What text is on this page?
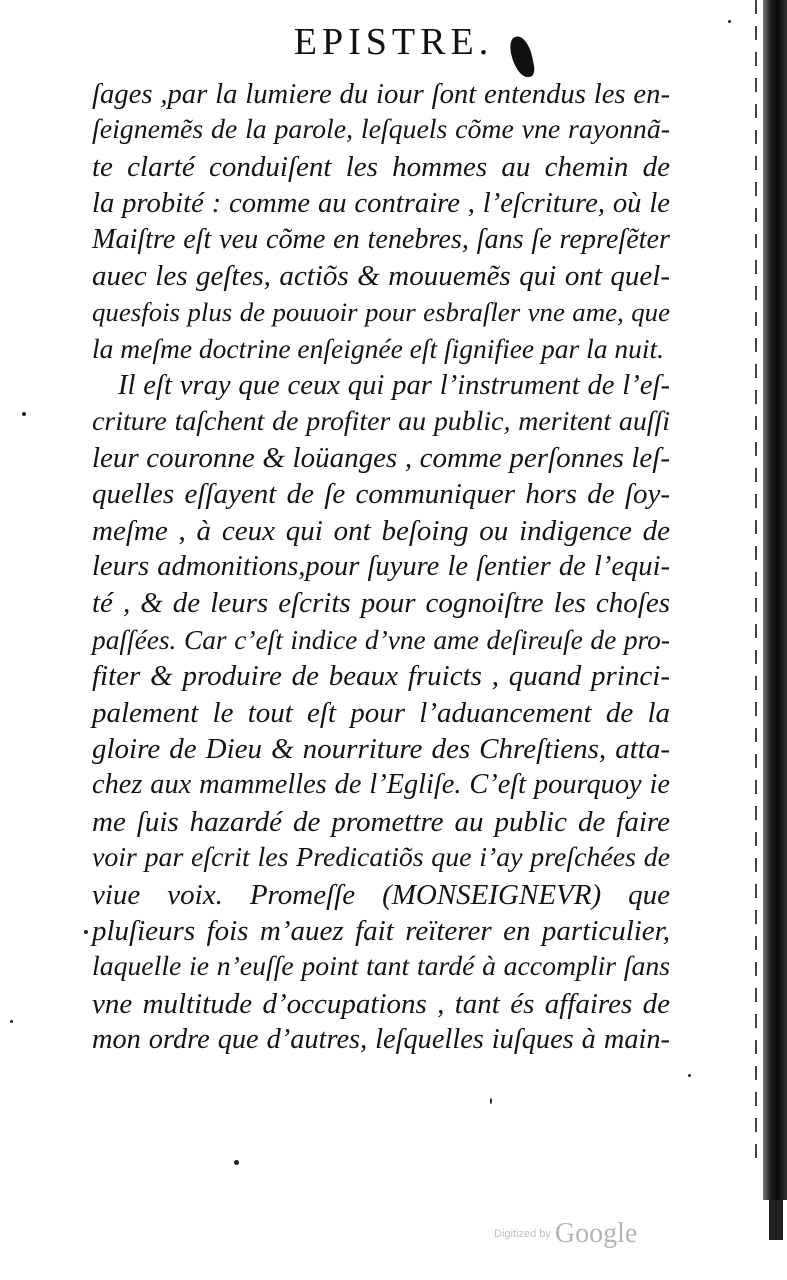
EPISTRE.
ſages ,par la lumiere du iour ſont entendus les en-
ſeignemẽs de la parole, leſquels cõme vne rayonnã-
te clarté conduiſent les hommes au chemin de
la probité : comme au contraire , l’eſcriture, où le
Maiſtre eſt veu cõme en tenebres, ſans ſe repreſẽter
auec les geſtes, actiõs & mouuemẽs qui ont quel-
quesfois plus de pouuoir pour esbraſler vne ame, que
la meſme doctrine enſeignée eſt ſignifiee par la nuit.
Il eſt vray que ceux qui par l’instrument de l’eſ-
criture taſchent de profiter au public, meritent auſſi
leur couronne & loüanges , comme perſonnes leſ-
quelles eſſayent de ſe communiquer hors de ſoy-
meſme , à ceux qui ont beſoing ou indigence de
leurs admonitions,pour ſuyure le ſentier de l’equi-
té , & de leurs eſcrits pour cognoiſtre les choſes
paſſées. Car c’eſt indice d’vne ame deſireuſe de pro-
fiter & produire de beaux fruicts , quand princi-
palement le tout eſt pour l’aduancement de la
gloire de Dieu & nourriture des Chreſtiens, atta-
chez aux mammelles de l’Egliſe. C’eſt pourquoy ie
me ſuis hazardé de promettre au public de faire
voir par eſcrit les Predicatiõs que i’ay preſchées de
viue voix. Promeſſe (MONSEIGNEVR) que
pluſieurs fois m’auez fait reïterer en particulier,
laquelle ie n’euſſe point tant tardé à accomplir ſans
vne multitude d’occupations , tant és affaires de
mon ordre que d’autres, leſquelles iuſques à main-
Digitized by Google
